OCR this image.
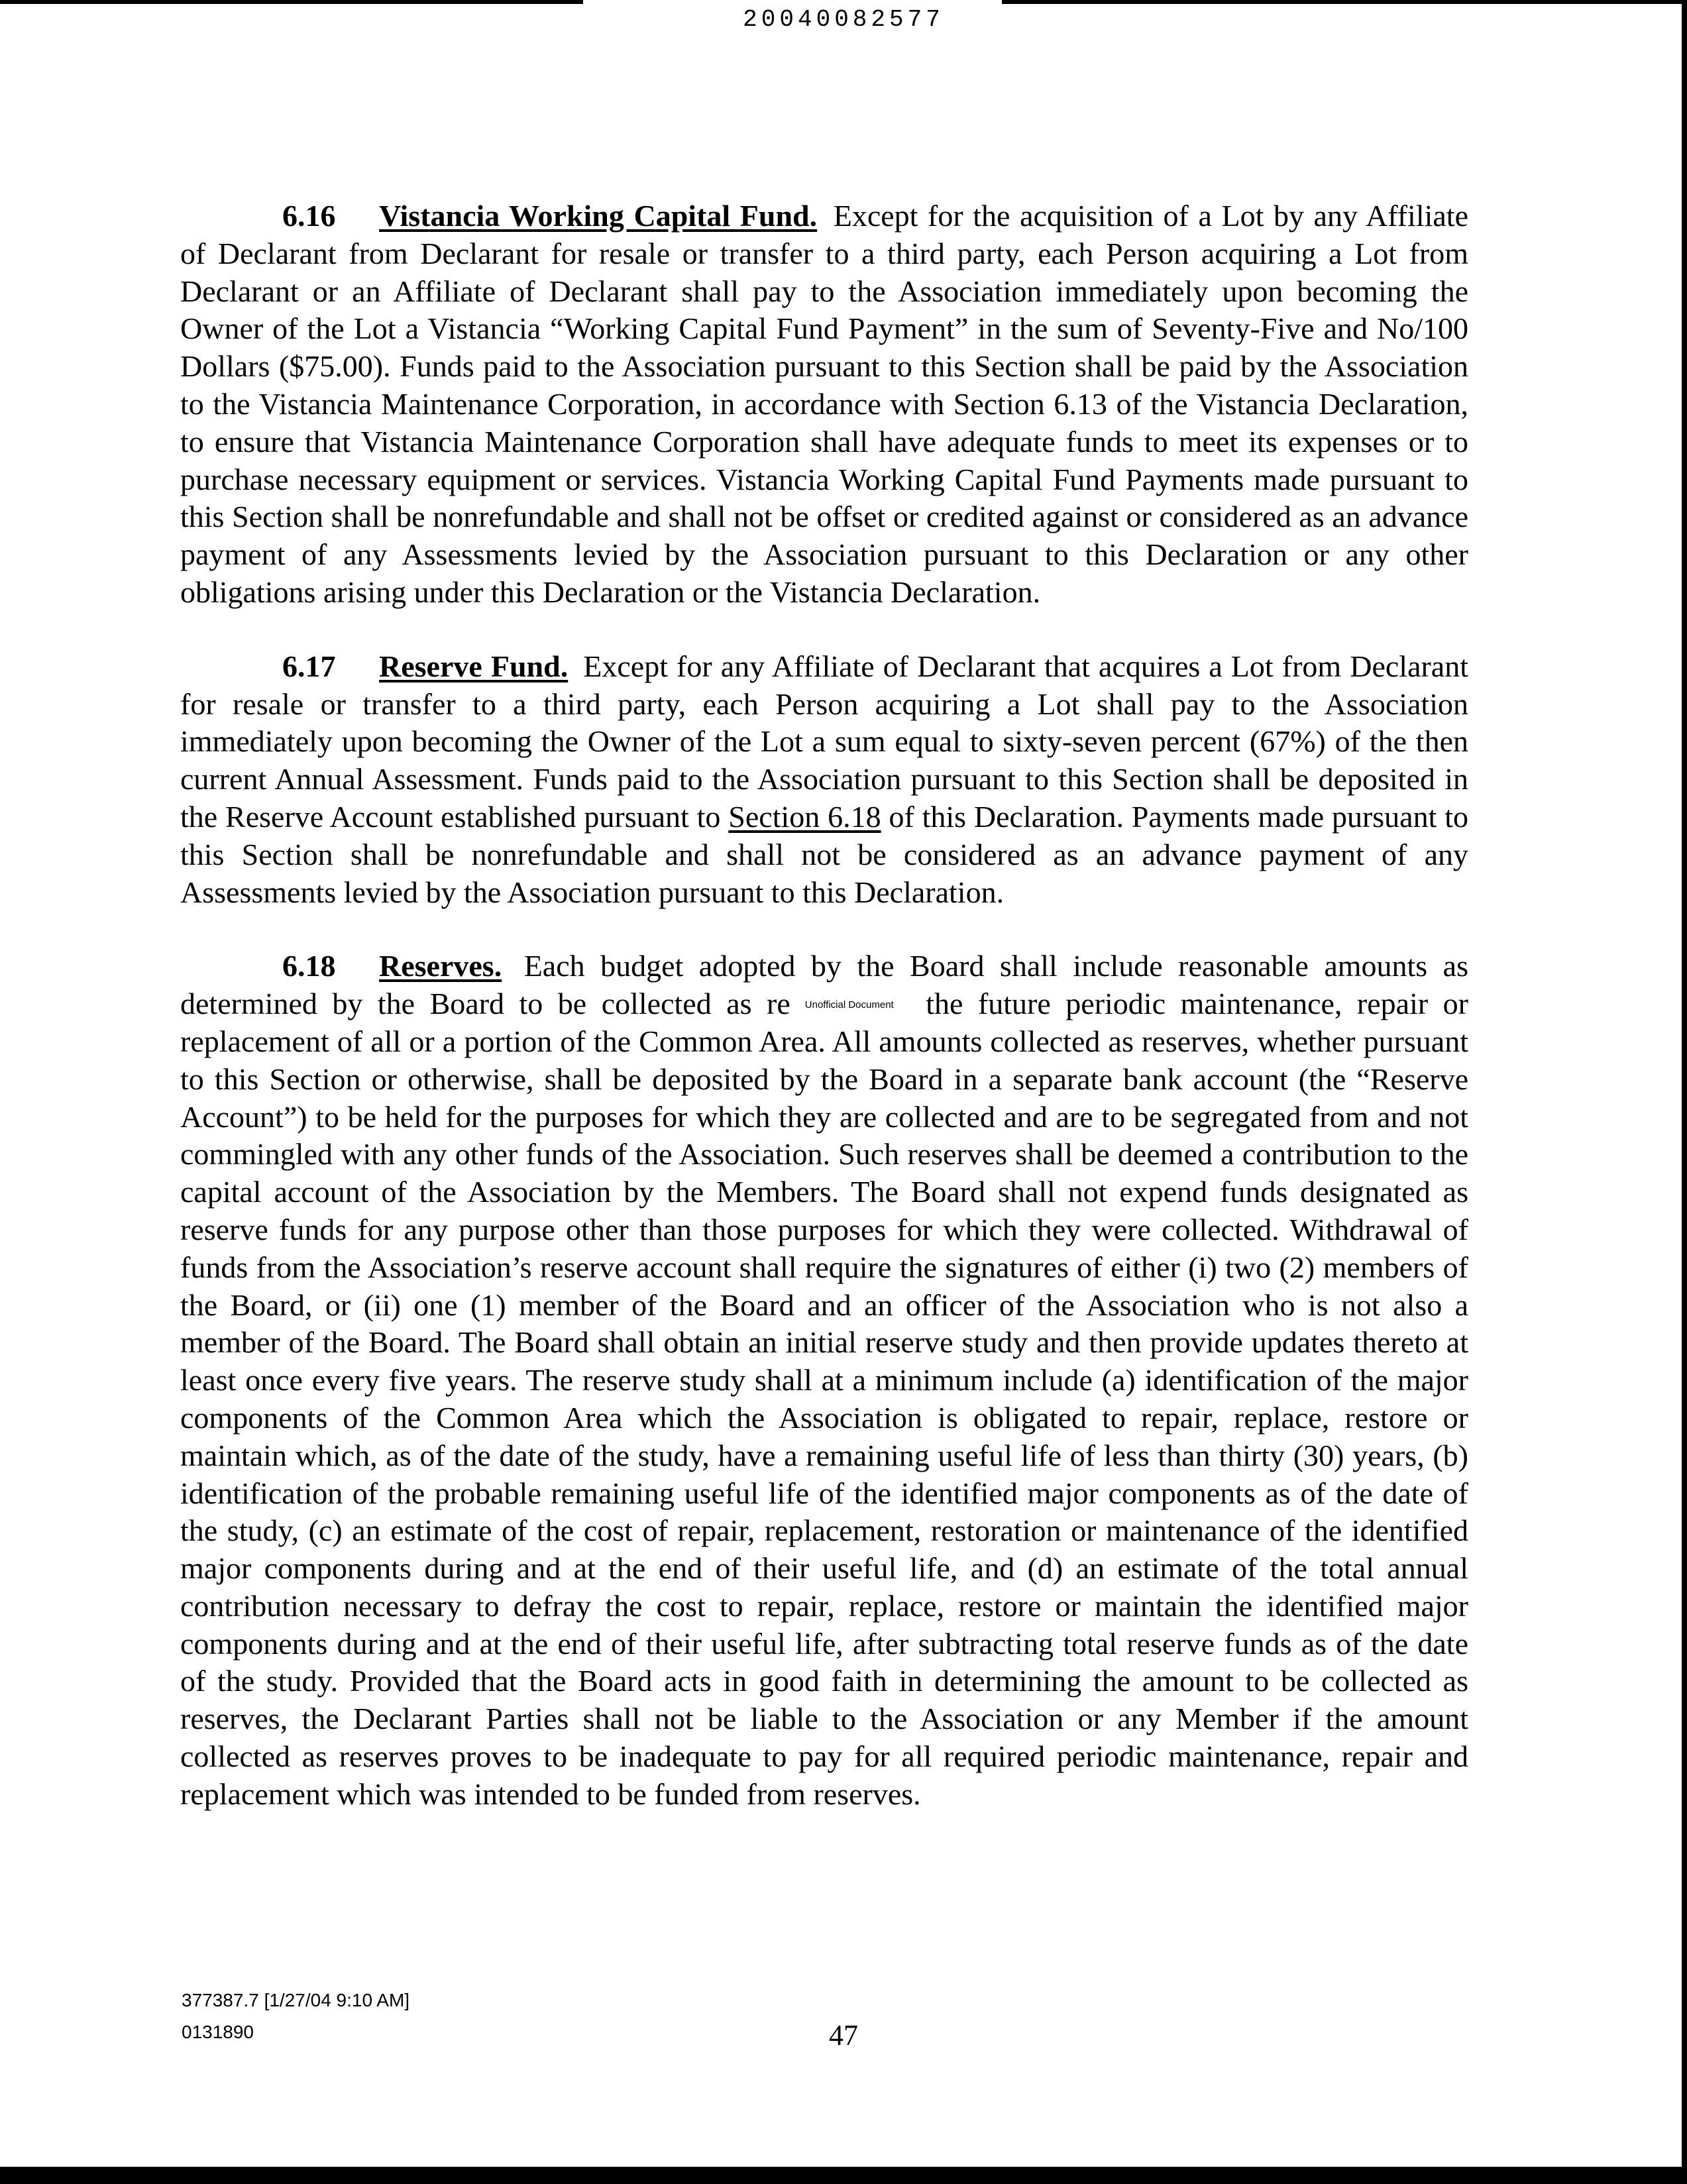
20040082577

6.16 Vistancia Working Capital Fund. Except for the acquisition of a Lot by any Affiliate of Declarant from Declarant for resale or transfer to a third party, each Person acquiring a Lot from Declarant or an Affiliate of Declarant shall pay to the Association immediately upon becoming the Owner of the Lot a Vistancia “Working Capital Fund Payment” in the sum of Seventy-Five and No/100 Dollars ($75.00). Funds paid to the Association pursuant to this Section shall be paid by the Association to the Vistancia Maintenance Corporation, in accordance with Section 6.13 of the Vistancia Declaration, to ensure that Vistancia Maintenance Corporation shall have adequate funds to meet its expenses or to purchase necessary equipment or services. Vistancia Working Capital Fund Payments made pursuant to this Section shall be nonrefundable and shall not be offset or credited against or considered as an advance payment of any Assessments levied by the Association pursuant to this Declaration or any other obligations arising under this Declaration or the Vistancia Declaration.

6.17 Reserve Fund. Except for any Affiliate of Declarant that acquires a Lot from Declarant for resale or transfer to a third party, each Person acquiring a Lot shall pay to the Association immediately upon becoming the Owner of the Lot a sum equal to sixty-seven percent (67%) of the then current Annual Assessment. Funds paid to the Association pursuant to this Section shall be deposited in the Reserve Account established pursuant to Section 6.18 of this Declaration. Payments made pursuant to this Section shall be nonrefundable and shall not be considered as an advance payment of any Assessments levied by the Association pursuant to this Declaration.

6.18 Reserves. Each budget adopted by the Board shall include reasonable amounts as determined by the Board to be collected as re Unofficial Document the future periodic maintenance, repair or replacement of all or a portion of the Common Area. All amounts collected as reserves, whether pursuant to this Section or otherwise, shall be deposited by the Board in a separate bank account (the “Reserve Account”) to be held for the purposes for which they are collected and are to be segregated from and not commingled with any other funds of the Association. Such reserves shall be deemed a contribution to the capital account of the Association by the Members. The Board shall not expend funds designated as reserve funds for any purpose other than those purposes for which they were collected. Withdrawal of funds from the Association’s reserve account shall require the signatures of either (i) two (2) members of the Board, or (ii) one (1) member of the Board and an officer of the Association who is not also a member of the Board. The Board shall obtain an initial reserve study and then provide updates thereto at least once every five years. The reserve study shall at a minimum include (a) identification of the major components of the Common Area which the Association is obligated to repair, replace, restore or maintain which, as of the date of the study, have a remaining useful life of less than thirty (30) years, (b) identification of the probable remaining useful life of the identified major components as of the date of the study, (c) an estimate of the cost of repair, replacement, restoration or maintenance of the identified major components during and at the end of their useful life, and (d) an estimate of the total annual contribution necessary to defray the cost to repair, replace, restore or maintain the identified major components during and at the end of their useful life, after subtracting total reserve funds as of the date of the study. Provided that the Board acts in good faith in determining the amount to be collected as reserves, the Declarant Parties shall not be liable to the Association or any Member if the amount collected as reserves proves to be inadequate to pay for all required periodic maintenance, repair and replacement which was intended to be funded from reserves.

377387.7 [1/27/04 9:10 AM]
0131890	47
